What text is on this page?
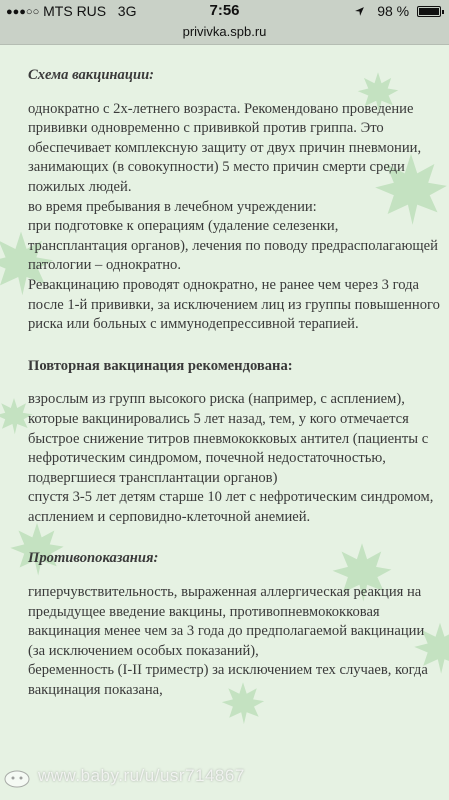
●●●○○ MTS RUS 3G	7:56	98 %
privivka.spb.ru

Схема вакцинации:

однократно с 2х-летнего возраста. Рекомендовано проведение прививки одновременно с прививкой против гриппа. Это обеспечивает комплексную защиту от двух причин пневмонии, занимающих (в совокупности) 5 место причин смерти среди пожилых людей.

во время пребывания в лечебном учреждении:

при подготовке к операциям (удаление селезенки, трансплантация органов), лечения по поводу предрасполагающей патологии – однократно.

Ревакцинацию проводят однократно, не ранее чем через 3 года после 1-й прививки, за исключением лиц из группы повышенного риска или больных с иммунодепрессивной терапией.

Повторная вакцинация рекомендована:

взрослым из групп высокого риска (например, с асплением), которые вакцинировались 5 лет назад, тем, у кого отмечается быстрое снижение титров пневмококковых антител (пациенты с нефротическим синдромом, почечной недостаточностью, подвергшиеся трансплантации органов)

спустя 3-5 лет детям старше 10 лет с нефротическим синдромом, асплением и серповидно-клеточной анемией.

Противопоказания:

гиперчувствительность, выраженная аллергическая реакция на предыдущее введение вакцины, противопневмококковая вакцинация менее чем за 3 года до предполагаемой вакцинации (за исключением особых показаний),

беременность (I-II триместр) за исключением тех случаев, когда вакцинация показана,

www.baby.ru/u/usr714867
